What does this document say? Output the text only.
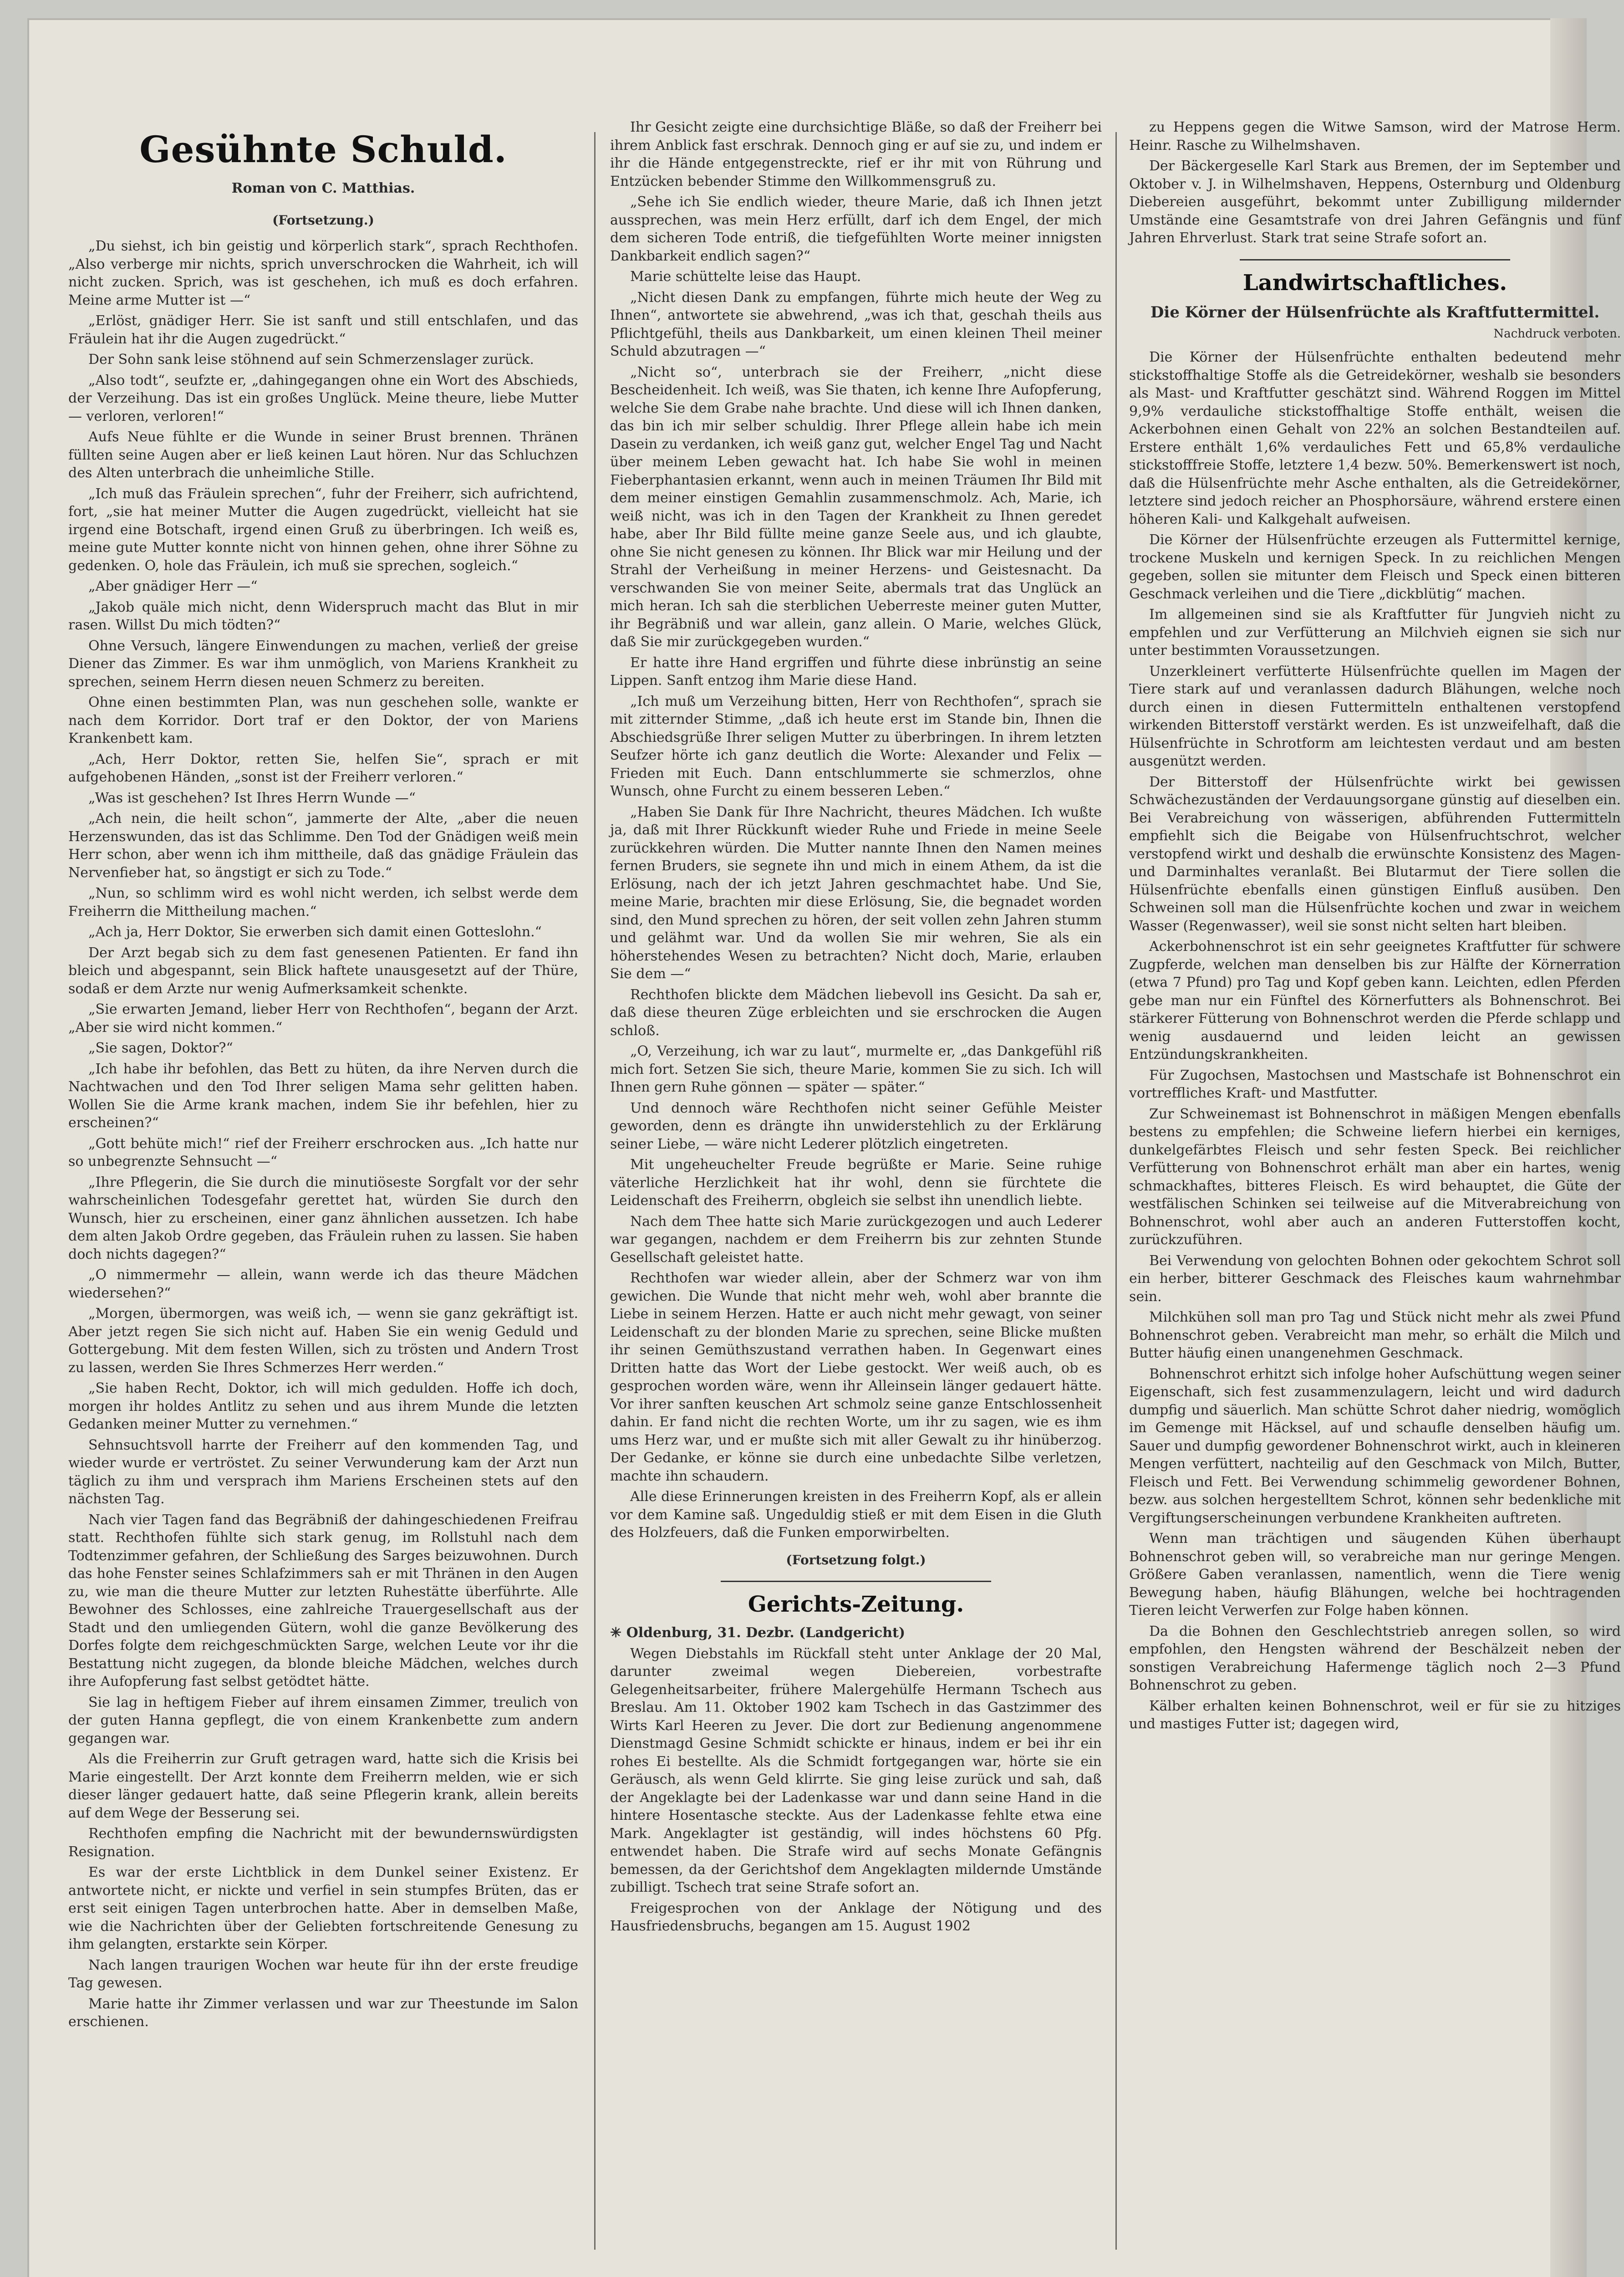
Gesühnte Schuld.
Roman von C. Matthias.
(Fortsetzung.)

„Du siehst, ich bin geistig und körperlich stark“, sprach Rechthofen. „Also verberge mir nichts, sprich unverschrocken die Wahrheit, ich will nicht zucken. Sprich, was ist geschehen, ich muß es doch erfahren. Meine arme Mutter ist —“

„Erlöst, gnädiger Herr. Sie ist sanft und still entschlafen, und das Fräulein hat ihr die Augen zugedrückt.“

Der Sohn sank leise stöhnend auf sein Schmerzenslager zurück.

„Also todt“, seufzte er, „dahingegangen ohne ein Wort des Abschieds, der Verzeihung. Das ist ein großes Unglück. Meine theure, liebe Mutter — verloren, verloren!“

Aufs Neue fühlte er die Wunde in seiner Brust brennen. Thränen füllten seine Augen aber er ließ keinen Laut hören. Nur das Schluchzen des Alten unterbrach die unheimliche Stille.

„Ich muß das Fräulein sprechen“, fuhr der Freiherr, sich aufrichtend, fort, „sie hat meiner Mutter die Augen zugedrückt, vielleicht hat sie irgend eine Botschaft, irgend einen Gruß zu überbringen. Ich weiß es, meine gute Mutter konnte nicht von hinnen gehen, ohne ihrer Söhne zu gedenken. O, hole das Fräulein, ich muß sie sprechen, sogleich.“

„Aber gnädiger Herr —“

„Jakob quäle mich nicht, denn Widerspruch macht das Blut in mir rasen. Willst Du mich tödten?“

Ohne Versuch, längere Einwendungen zu machen, verließ der greise Diener das Zimmer. Es war ihm unmöglich, von Mariens Krankheit zu sprechen, seinem Herrn diesen neuen Schmerz zu bereiten.

Ohne einen bestimmten Plan, was nun geschehen solle, wankte er nach dem Korridor. Dort traf er den Doktor, der von Mariens Krankenbett kam.

„Ach, Herr Doktor, retten Sie, helfen Sie“, sprach er mit aufgehobenen Händen, „sonst ist der Freiherr verloren.“

„Was ist geschehen? Ist Ihres Herrn Wunde —“

„Ach nein, die heilt schon“, jammerte der Alte, „aber die neuen Herzenswunden, das ist das Schlimme. Den Tod der Gnädigen weiß mein Herr schon, aber wenn ich ihm mittheile, daß das gnädige Fräulein das Nervenfieber hat, so ängstigt er sich zu Tode.“

„Nun, so schlimm wird es wohl nicht werden, ich selbst werde dem Freiherrn die Mittheilung machen.“

„Ach ja, Herr Doktor, Sie erwerben sich damit einen Gotteslohn.“

Der Arzt begab sich zu dem fast genesenen Patienten. Er fand ihn bleich und abgespannt, sein Blick haftete unausgesetzt auf der Thüre, sodaß er dem Arzte nur wenig Aufmerksamkeit schenkte.

„Sie erwarten Jemand, lieber Herr von Rechthofen“, begann der Arzt. „Aber sie wird nicht kommen.“

„Sie sagen, Doktor?“

„Ich habe ihr befohlen, das Bett zu hüten, da ihre Nerven durch die Nachtwachen und den Tod Ihrer seligen Mama sehr gelitten haben. Wollen Sie die Arme krank machen, indem Sie ihr befehlen, hier zu erscheinen?“

„Gott behüte mich!“ rief der Freiherr erschrocken aus. „Ich hatte nur so unbegrenzte Sehnsucht —“

„Ihre Pflegerin, die Sie durch die minutiöseste Sorgfalt vor der sehr wahrscheinlichen Todesgefahr gerettet hat, würden Sie durch den Wunsch, hier zu erscheinen, einer ganz ähnlichen aussetzen. Ich habe dem alten Jakob Ordre gegeben, das Fräulein ruhen zu lassen. Sie haben doch nichts dagegen?“

„O nimmermehr — allein, wann werde ich das theure Mädchen wiedersehen?“

„Morgen, übermorgen, was weiß ich, — wenn sie ganz gekräftigt ist. Aber jetzt regen Sie sich nicht auf. Haben Sie ein wenig Geduld und Gottergebung. Mit dem festen Willen, sich zu trösten und Andern Trost zu lassen, werden Sie Ihres Schmerzes Herr werden.“

„Sie haben Recht, Doktor, ich will mich gedulden. Hoffe ich doch, morgen ihr holdes Antlitz zu sehen und aus ihrem Munde die letzten Gedanken meiner Mutter zu vernehmen.“

Sehnsuchtsvoll harrte der Freiherr auf den kommenden Tag, und wieder wurde er vertröstet. Zu seiner Verwunderung kam der Arzt nun täglich zu ihm und versprach ihm Mariens Erscheinen stets auf den nächsten Tag.

Nach vier Tagen fand das Begräbniß der dahingeschiedenen Freifrau statt. Rechthofen fühlte sich stark genug, im Rollstuhl nach dem Todtenzimmer gefahren, der Schließung des Sarges beizuwohnen. Durch das hohe Fenster seines Schlafzimmers sah er mit Thränen in den Augen zu, wie man die theure Mutter zur letzten Ruhestätte überführte. Alle Bewohner des Schlosses, eine zahlreiche Trauergesellschaft aus der Stadt und den umliegenden Gütern, wohl die ganze Bevölkerung des Dorfes folgte dem reichgeschmückten Sarge, welchen Leute vor ihr die Bestattung nicht zugegen, da blonde bleiche Mädchen, welches durch ihre Aufopferung fast selbst getödtet hätte.

Sie lag in heftigem Fieber auf ihrem einsamen Zimmer, treulich von der guten Hanna gepflegt, die von einem Krankenbette zum andern gegangen war.

Als die Freiherrin zur Gruft getragen ward, hatte sich die Krisis bei Marie eingestellt. Der Arzt konnte dem Freiherrn melden, wie er sich dieser länger gedauert hatte, daß seine Pflegerin krank, allein bereits auf dem Wege der Besserung sei.

Rechthofen empfing die Nachricht mit der bewundernswürdigsten Resignation.

Es war der erste Lichtblick in dem Dunkel seiner Existenz. Er antwortete nicht, er nickte und verfiel in sein stumpfes Brüten, das er erst seit einigen Tagen unterbrochen hatte. Aber in demselben Maße, wie die Nachrichten über der Geliebten fortschreitende Genesung zu ihm gelangten, erstarkte sein Körper.

Nach langen traurigen Wochen war heute für ihn der erste freudige Tag gewesen.

Marie hatte ihr Zimmer verlassen und war zur Theestunde im Salon erschienen.

Ihr Gesicht zeigte eine durchsichtige Bläße, so daß der Freiherr bei ihrem Anblick fast erschrak. Dennoch ging er auf sie zu, und indem er ihr die Hände entgegenstreckte, rief er ihr mit von Rührung und Entzücken bebender Stimme den Willkommensgruß zu.

„Sehe ich Sie endlich wieder, theure Marie, daß ich Ihnen jetzt aussprechen, was mein Herz erfüllt, darf ich dem Engel, der mich dem sicheren Tode entriß, die tiefgefühlten Worte meiner innigsten Dankbarkeit endlich sagen?“

Marie schüttelte leise das Haupt.

„Nicht diesen Dank zu empfangen, führte mich heute der Weg zu Ihnen“, antwortete sie abwehrend, „was ich that, geschah theils aus Pflichtgefühl, theils aus Dankbarkeit, um einen kleinen Theil meiner Schuld abzutragen —“

„Nicht so“, unterbrach sie der Freiherr, „nicht diese Bescheidenheit. Ich weiß, was Sie thaten, ich kenne Ihre Aufopferung, welche Sie dem Grabe nahe brachte. Und diese will ich Ihnen danken, das bin ich mir selber schuldig. Ihrer Pflege allein habe ich mein Dasein zu verdanken, ich weiß ganz gut, welcher Engel Tag und Nacht über meinem Leben gewacht hat. Ich habe Sie wohl in meinen Fieberphantasien erkannt, wenn auch in meinen Träumen Ihr Bild mit dem meiner einstigen Gemahlin zusammenschmolz. Ach, Marie, ich weiß nicht, was ich in den Tagen der Krankheit zu Ihnen geredet habe, aber Ihr Bild füllte meine ganze Seele aus, und ich glaubte, ohne Sie nicht genesen zu können. Ihr Blick war mir Heilung und der Strahl der Verheißung in meiner Herzens- und Geistesnacht. Da verschwanden Sie von meiner Seite, abermals trat das Unglück an mich heran. Ich sah die sterblichen Ueberreste meiner guten Mutter, ihr Begräbniß und war allein, ganz allein. O Marie, welches Glück, daß Sie mir zurückgegeben wurden.“

Er hatte ihre Hand ergriffen und führte diese inbrünstig an seine Lippen. Sanft entzog ihm Marie diese Hand.

„Ich muß um Verzeihung bitten, Herr von Rechthofen“, sprach sie mit zitternder Stimme, „daß ich heute erst im Stande bin, Ihnen die Abschiedsgrüße Ihrer seligen Mutter zu überbringen. In ihrem letzten Seufzer hörte ich ganz deutlich die Worte: Alexander und Felix — Frieden mit Euch. Dann entschlummerte sie schmerzlos, ohne Wunsch, ohne Furcht zu einem besseren Leben.“

„Haben Sie Dank für Ihre Nachricht, theures Mädchen. Ich wußte ja, daß mit Ihrer Rückkunft wieder Ruhe und Friede in meine Seele zurückkehren würden. Die Mutter nannte Ihnen den Namen meines fernen Bruders, sie segnete ihn und mich in einem Athem, da ist die Erlösung, nach der ich jetzt Jahren geschmachtet habe. Und Sie, meine Marie, brachten mir diese Erlösung, Sie, die begnadet worden sind, den Mund sprechen zu hören, der seit vollen zehn Jahren stumm und gelähmt war. Und da wollen Sie mir wehren, Sie als ein höherstehendes Wesen zu betrachten? Nicht doch, Marie, erlauben Sie dem —“

Rechthofen blickte dem Mädchen liebevoll ins Gesicht. Da sah er, daß diese theuren Züge erbleichten und sie erschrocken die Augen schloß.

„O, Verzeihung, ich war zu laut“, murmelte er, „das Dankgefühl riß mich fort. Setzen Sie sich, theure Marie, kommen Sie zu sich. Ich will Ihnen gern Ruhe gönnen — später — später.“

Und dennoch wäre Rechthofen nicht seiner Gefühle Meister geworden, denn es drängte ihn unwiderstehlich zu der Erklärung seiner Liebe, — wäre nicht Lederer plötzlich eingetreten.

Mit ungeheuchelter Freude begrüßte er Marie. Seine ruhige väterliche Herzlichkeit hat ihr wohl, denn sie fürchtete die Leidenschaft des Freiherrn, obgleich sie selbst ihn unendlich liebte.

Nach dem Thee hatte sich Marie zurückgezogen und auch Lederer war gegangen, nachdem er dem Freiherrn bis zur zehnten Stunde Gesellschaft geleistet hatte.

Rechthofen war wieder allein, aber der Schmerz war von ihm gewichen. Die Wunde that nicht mehr weh, wohl aber brannte die Liebe in seinem Herzen. Hatte er auch nicht mehr gewagt, von seiner Leidenschaft zu der blonden Marie zu sprechen, seine Blicke mußten ihr seinen Gemüthszustand verrathen haben. In Gegenwart eines Dritten hatte das Wort der Liebe gestockt. Wer weiß auch, ob es gesprochen worden wäre, wenn ihr Alleinsein länger gedauert hätte. Vor ihrer sanften keuschen Art schmolz seine ganze Entschlossenheit dahin. Er fand nicht die rechten Worte, um ihr zu sagen, wie es ihm ums Herz war, und er mußte sich mit aller Gewalt zu ihr hinüberzog. Der Gedanke, er könne sie durch eine unbedachte Silbe verletzen, machte ihn schaudern.

Alle diese Erinnerungen kreisten in des Freiherrn Kopf, als er allein vor dem Kamine saß. Ungeduldig stieß er mit dem Eisen in die Gluth des Holzfeuers, daß die Funken emporwirbelten.

(Fortsetzung folgt.)
Gerichts-Zeitung.

✳ Oldenburg, 31. Dezbr. (Landgericht)

Wegen Diebstahls im Rückfall steht unter Anklage der 20 Mal, darunter zweimal wegen Diebereien, vorbestrafte Gelegenheitsarbeiter, frühere Malergehülfe Hermann Tschech aus Breslau. Am 11. Oktober 1902 kam Tschech in das Gastzimmer des Wirts Karl Heeren zu Jever. Die dort zur Bedienung angenommene Dienstmagd Gesine Schmidt schickte er hinaus, indem er bei ihr ein rohes Ei bestellte. Als die Schmidt fortgegangen war, hörte sie ein Geräusch, als wenn Geld klirrte. Sie ging leise zurück und sah, daß der Angeklagte bei der Ladenkasse war und dann seine Hand in die hintere Hosentasche steckte. Aus der Ladenkasse fehlte etwa eine Mark. Angeklagter ist geständig, will indes höchstens 60 Pfg. entwendet haben. Die Strafe wird auf sechs Monate Gefängnis bemessen, da der Gerichtshof dem Angeklagten mildernde Umstände zubilligt. Tschech trat seine Strafe sofort an.

Freigesprochen von der Anklage der Nötigung und des Hausfriedensbruchs, begangen am 15. August 1902

zu Heppens gegen die Witwe Samson, wird der Matrose Herm. Heinr. Rasche zu Wilhelmshaven.

Der Bäckergeselle Karl Stark aus Bremen, der im September und Oktober v. J. in Wilhelmshaven, Heppens, Osternburg und Oldenburg Diebereien ausgeführt, bekommt unter Zubilligung mildernder Umstände eine Gesamtstrafe von drei Jahren Gefängnis und fünf Jahren Ehrverlust. Stark trat seine Strafe sofort an.

Landwirtschaftliches.
Die Körner der Hülsenfrüchte als Kraftfuttermittel.
Nachdruck verboten.

Die Körner der Hülsenfrüchte enthalten bedeutend mehr stickstoffhaltige Stoffe als die Getreidekörner, weshalb sie besonders als Mast- und Kraftfutter geschätzt sind. Während Roggen im Mittel 9,9% verdauliche stickstoffhaltige Stoffe enthält, weisen die Ackerbohnen einen Gehalt von 22% an solchen Bestandteilen auf. Erstere enthält 1,6% verdauliches Fett und 65,8% verdauliche stickstofffreie Stoffe, letztere 1,4 bezw. 50%. Bemerkenswert ist noch, daß die Hülsenfrüchte mehr Asche enthalten, als die Getreidekörner, letztere sind jedoch reicher an Phosphorsäure, während erstere einen höheren Kali- und Kalkgehalt aufweisen.

Die Körner der Hülsenfrüchte erzeugen als Futtermittel kernige, trockene Muskeln und kernigen Speck. In zu reichlichen Mengen gegeben, sollen sie mitunter dem Fleisch und Speck einen bitteren Geschmack verleihen und die Tiere „dickblütig“ machen.

Im allgemeinen sind sie als Kraftfutter für Jungvieh nicht zu empfehlen und zur Verfütterung an Milchvieh eignen sie sich nur unter bestimmten Voraussetzungen.

Unzerkleinert verfütterte Hülsenfrüchte quellen im Magen der Tiere stark auf und veranlassen dadurch Blähungen, welche noch durch einen in diesen Futtermitteln enthaltenen verstopfend wirkenden Bitterstoff verstärkt werden. Es ist unzweifelhaft, daß die Hülsenfrüchte in Schrotform am leichtesten verdaut und am besten ausgenützt werden.

Der Bitterstoff der Hülsenfrüchte wirkt bei gewissen Schwächezuständen der Verdauungsorgane günstig auf dieselben ein. Bei Verabreichung von wässerigen, abführenden Futtermitteln empfiehlt sich die Beigabe von Hülsenfruchtschrot, welcher verstopfend wirkt und deshalb die erwünschte Konsistenz des Magen- und Darminhaltes veranlaßt. Bei Blutarmut der Tiere sollen die Hülsenfrüchte ebenfalls einen günstigen Einfluß ausüben. Den Schweinen soll man die Hülsenfrüchte kochen und zwar in weichem Wasser (Regenwasser), weil sie sonst nicht selten hart bleiben.

Ackerbohnenschrot ist ein sehr geeignetes Kraftfutter für schwere Zugpferde, welchen man denselben bis zur Hälfte der Körnerration (etwa 7 Pfund) pro Tag und Kopf geben kann. Leichten, edlen Pferden gebe man nur ein Fünftel des Körnerfutters als Bohnenschrot. Bei stärkerer Fütterung von Bohnenschrot werden die Pferde schlapp und wenig ausdauernd und leiden leicht an gewissen Entzündungskrankheiten.

Für Zugochsen, Mastochsen und Mastschafe ist Bohnenschrot ein vortreffliches Kraft- und Mastfutter.

Zur Schweinemast ist Bohnenschrot in mäßigen Mengen ebenfalls bestens zu empfehlen; die Schweine liefern hierbei ein kerniges, dunkelgefärbtes Fleisch und sehr festen Speck. Bei reichlicher Verfütterung von Bohnenschrot erhält man aber ein hartes, wenig schmackhaftes, bitteres Fleisch. Es wird behauptet, die Güte der westfälischen Schinken sei teilweise auf die Mitverabreichung von Bohnenschrot, wohl aber auch an anderen Futterstoffen kocht, zurückzuführen.

Bei Verwendung von gelochten Bohnen oder gekochtem Schrot soll ein herber, bitterer Geschmack des Fleisches kaum wahrnehmbar sein.

Milchkühen soll man pro Tag und Stück nicht mehr als zwei Pfund Bohnenschrot geben. Verabreicht man mehr, so erhält die Milch und Butter häufig einen unangenehmen Geschmack.

Bohnenschrot erhitzt sich infolge hoher Aufschüttung wegen seiner Eigenschaft, sich fest zusammenzulagern, leicht und wird dadurch dumpfig und säuerlich. Man schütte Schrot daher niedrig, womöglich im Gemenge mit Häcksel, auf und schaufle denselben häufig um. Sauer und dumpfig gewordener Bohnenschrot wirkt, auch in kleineren Mengen verfüttert, nachteilig auf den Geschmack von Milch, Butter, Fleisch und Fett. Bei Verwendung schimmelig gewordener Bohnen, bezw. aus solchen hergestelltem Schrot, können sehr bedenkliche mit Vergiftungserscheinungen verbundene Krankheiten auftreten.

Wenn man trächtigen und säugenden Kühen überhaupt Bohnenschrot geben will, so verabreiche man nur geringe Mengen. Größere Gaben veranlassen, namentlich, wenn die Tiere wenig Bewegung haben, häufig Blähungen, welche bei hochtragenden Tieren leicht Verwerfen zur Folge haben können.

Da die Bohnen den Geschlechtstrieb anregen sollen, so wird empfohlen, den Hengsten während der Beschälzeit neben der sonstigen Verabreichung Hafermenge täglich noch 2—3 Pfund Bohnenschrot zu geben.

Kälber erhalten keinen Bohnenschrot, weil er für sie zu hitziges und mastiges Futter ist; dagegen wird,
